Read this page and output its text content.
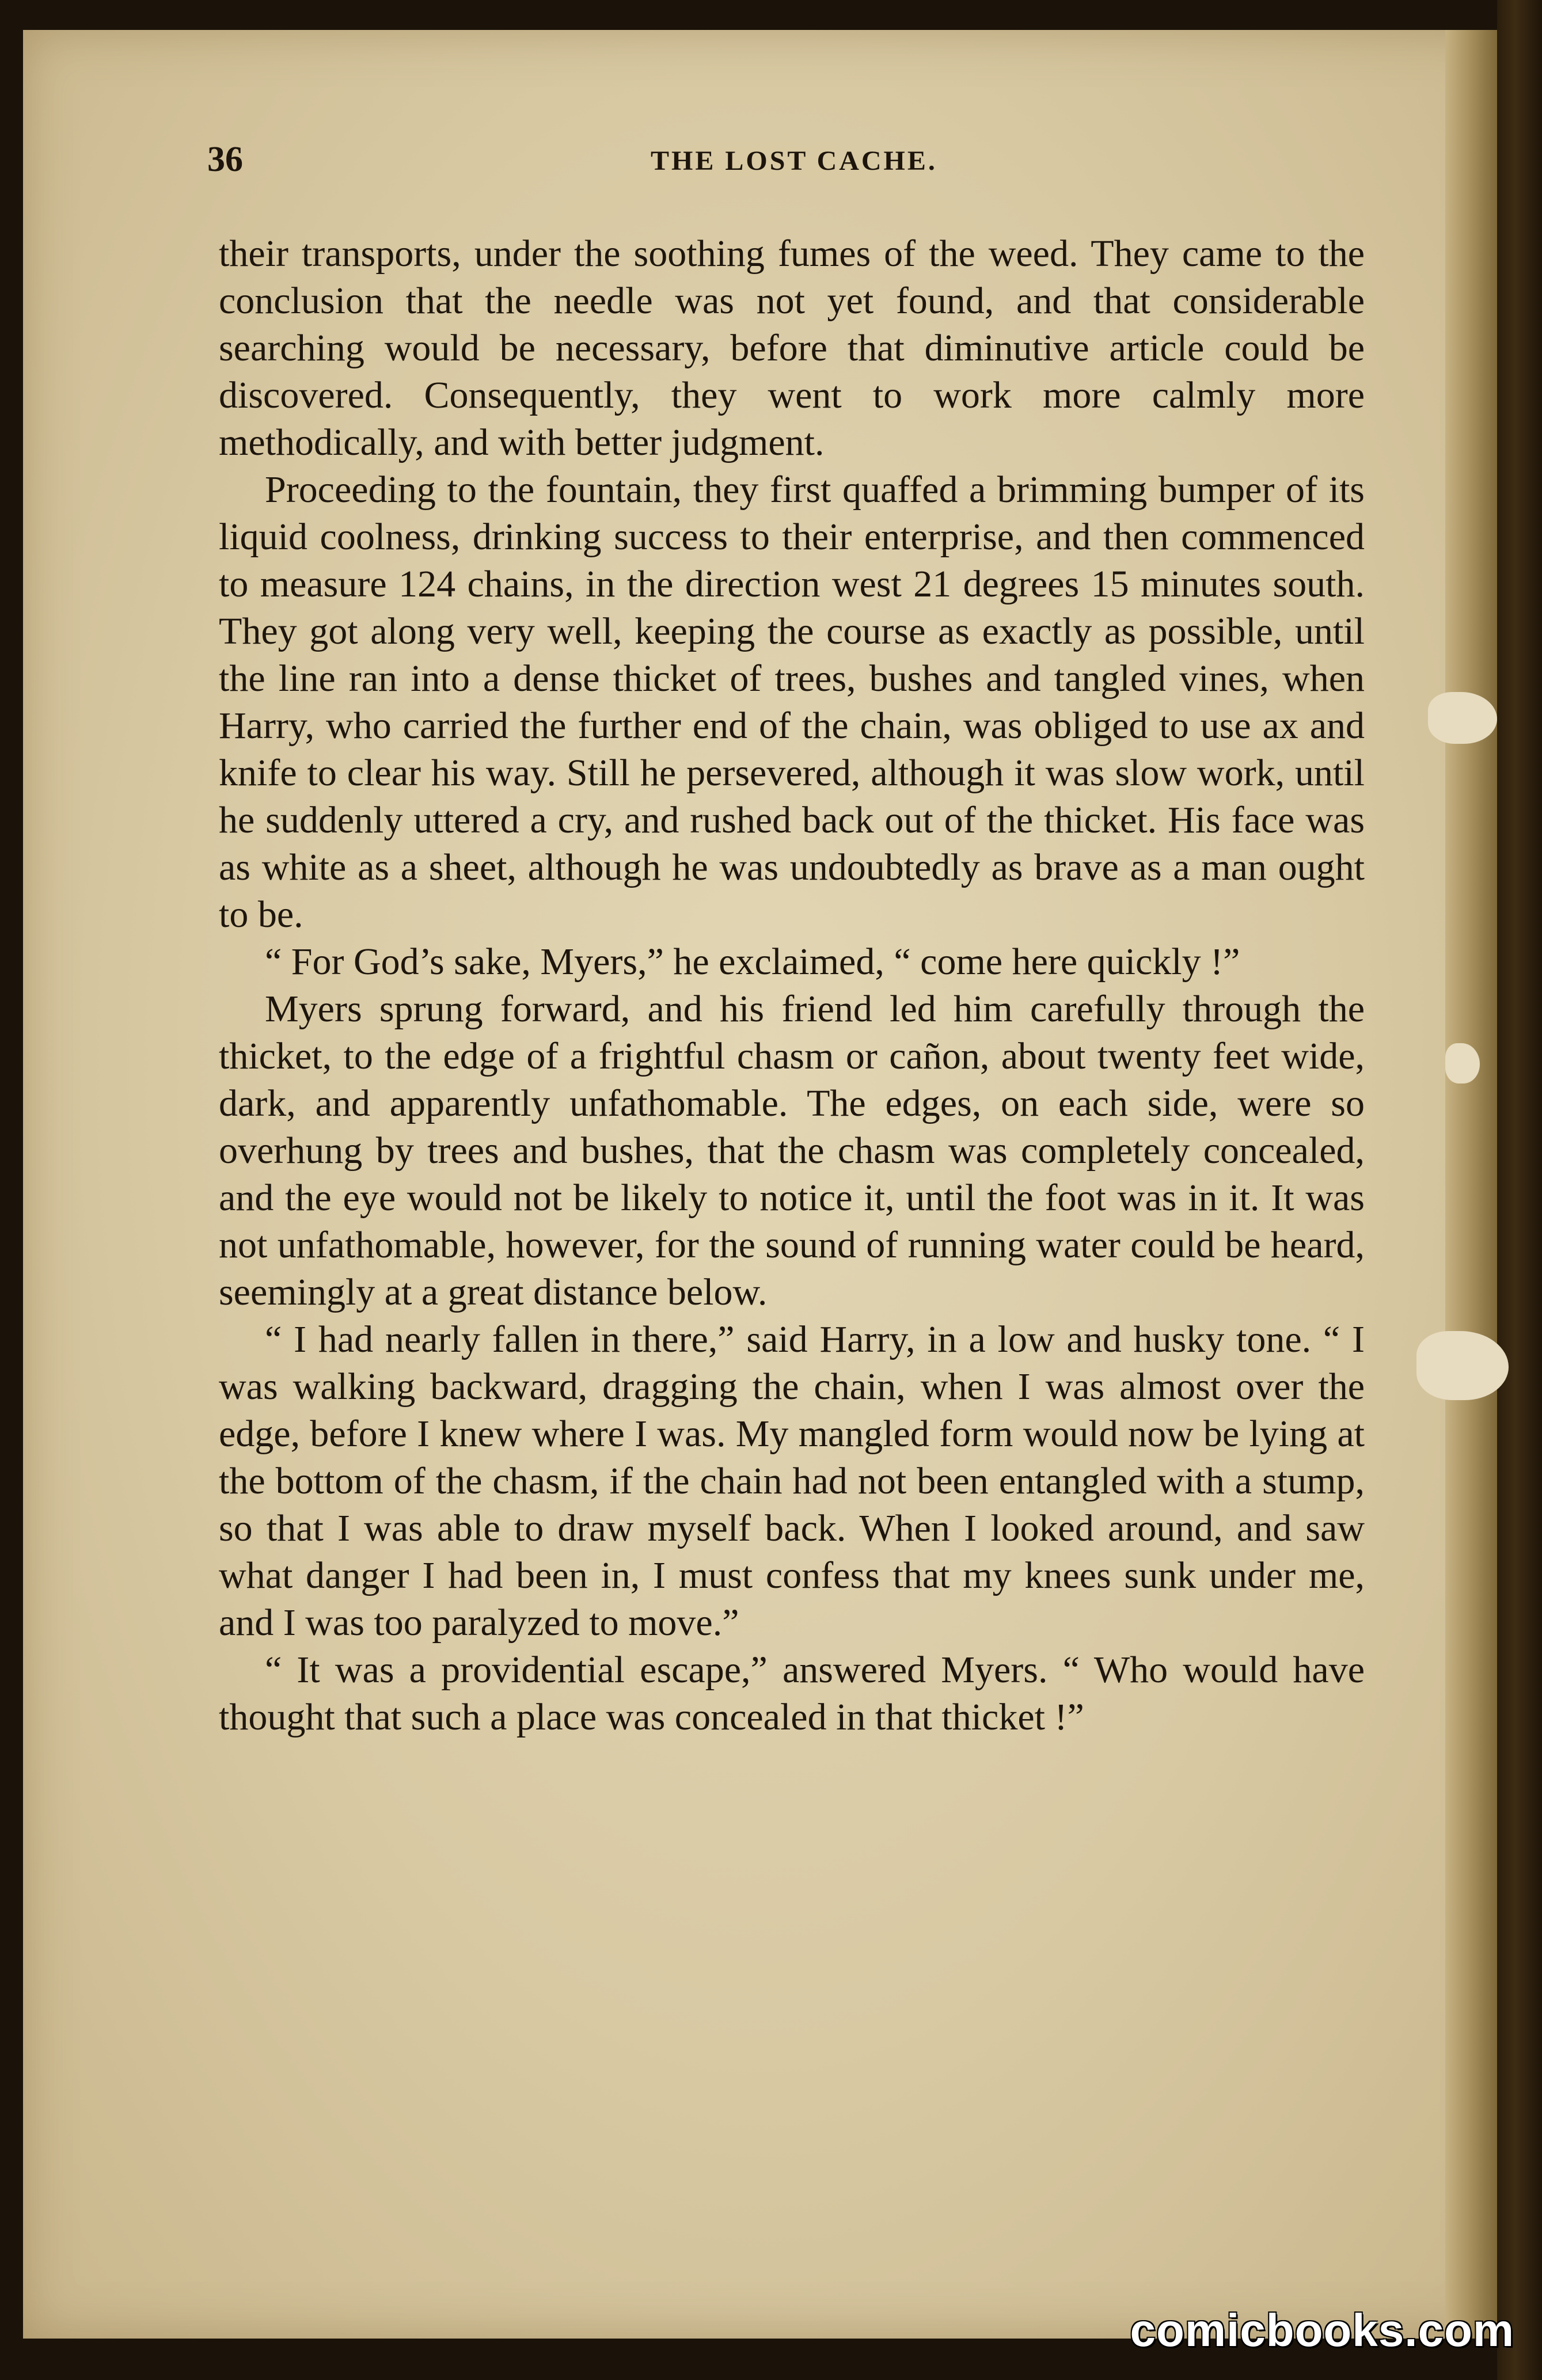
36	THE LOST CACHE.

their transports, under the soothing fumes of the weed. They came to the conclusion that the needle was not yet found, and that considerable searching would be necessary, before that diminutive article could be discovered. Consequently, they went to work more calmly more methodically, and with better judgment.

Proceeding to the fountain, they first quaffed a brimming bumper of its liquid coolness, drinking success to their enterprise, and then commenced to measure 124 chains, in the direction west 21 degrees 15 minutes south. They got along very well, keeping the course as exactly as possible, until the line ran into a dense thicket of trees, bushes and tangled vines, when Harry, who carried the further end of the chain, was obliged to use ax and knife to clear his way. Still he persevered, although it was slow work, until he suddenly uttered a cry, and rushed back out of the thicket. His face was as white as a sheet, although he was undoubtedly as brave as a man ought to be.

“ For God’s sake, Myers,” he exclaimed, “ come here quickly !”

Myers sprung forward, and his friend led him carefully through the thicket, to the edge of a frightful chasm or cañon, about twenty feet wide, dark, and apparently unfathomable. The edges, on each side, were so overhung by trees and bushes, that the chasm was completely concealed, and the eye would not be likely to notice it, until the foot was in it. It was not unfathomable, however, for the sound of running water could be heard, seemingly at a great distance below.

“ I had nearly fallen in there,” said Harry, in a low and husky tone. “ I was walking backward, dragging the chain, when I was almost over the edge, before I knew where I was. My mangled form would now be lying at the bottom of the chasm, if the chain had not been entangled with a stump, so that I was able to draw myself back. When I looked around, and saw what danger I had been in, I must confess that my knees sunk under me, and I was too paralyzed to move.”

“ It was a providential escape,” answered Myers. “ Who would have thought that such a place was concealed in that thicket !”

comicbooks.com
